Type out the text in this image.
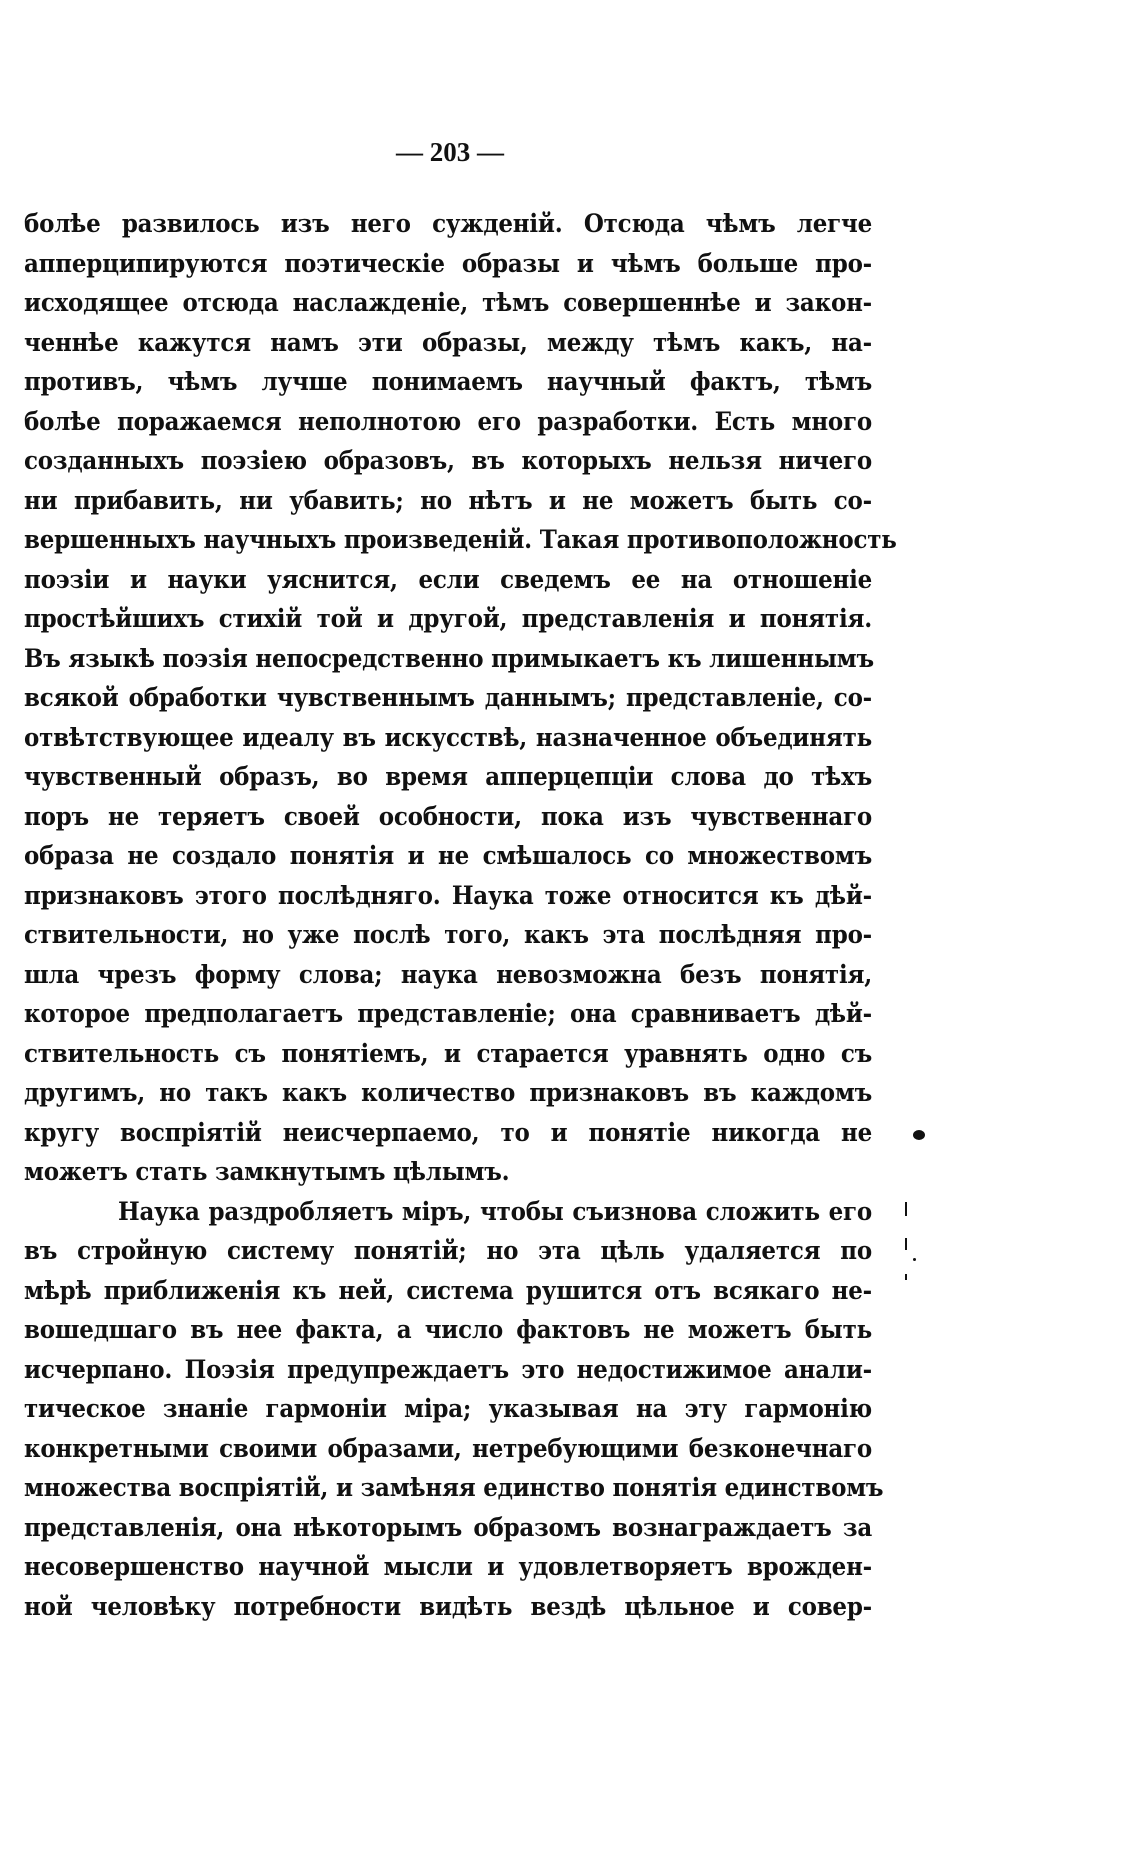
— 203 —
болѣе развилось изъ него сужденій. Отсюда чѣмъ легче
апперципируются поэтическіе образы и чѣмъ больше про-
исходящее отсюда наслажденіе, тѣмъ совершеннѣе и закон-
ченнѣе кажутся намъ эти образы, между тѣмъ какъ, на-
противъ, чѣмъ лучше понимаемъ научный фактъ, тѣмъ
болѣе поражаемся неполнотою его разработки. Есть много
созданныхъ поэзіею образовъ, въ которыхъ нельзя ничего
ни прибавить, ни убавить; но нѣтъ и не можетъ быть со-
вершенныхъ научныхъ произведеній. Такая противоположность
поэзіи и науки уяснится, если сведемъ ее на отношеніе
простѣйшихъ стихій той и другой, представленія и понятія.
Въ языкѣ поэзія непосредственно примыкаетъ къ лишеннымъ
всякой обработки чувственнымъ даннымъ; представленіе, со-
отвѣтствующее идеалу въ искусствѣ, назначенное объединять
чувственный образъ, во время апперцепціи слова до тѣхъ
поръ не теряетъ своей особности, пока изъ чувственнаго
образа не создало понятія и не смѣшалось со множествомъ
признаковъ этого послѣдняго. Наука тоже относится къ дѣй-
ствительности, но уже послѣ того, какъ эта послѣдняя про-
шла чрезъ форму слова; наука невозможна безъ понятія,
которое предполагаетъ представленіе; она сравниваетъ дѣй-
ствительность съ понятіемъ, и старается уравнять одно съ
другимъ, но такъ какъ количество признаковъ въ каждомъ
кругу воспріятій неисчерпаемо, то и понятіе никогда не
можетъ стать замкнутымъ цѣлымъ.
Наука раздробляетъ міръ, чтобы съизнова сложить его
въ стройную систему понятій; но эта цѣль удаляется по
мѣрѣ приближенія къ ней, система рушится отъ всякаго не-
вошедшаго въ нее факта, а число фактовъ не можетъ быть
исчерпано. Поэзія предупреждаетъ это недостижимое анали-
тическое знаніе гармоніи міра; указывая на эту гармонію
конкретными своими образами, нетребующими безконечнаго
множества воспріятій, и замѣняя единство понятія единствомъ
представленія, она нѣкоторымъ образомъ вознаграждаетъ за
несовершенство научной мысли и удовлетворяетъ врожден-
ной человѣку потребности видѣть вездѣ цѣльное и совер-
